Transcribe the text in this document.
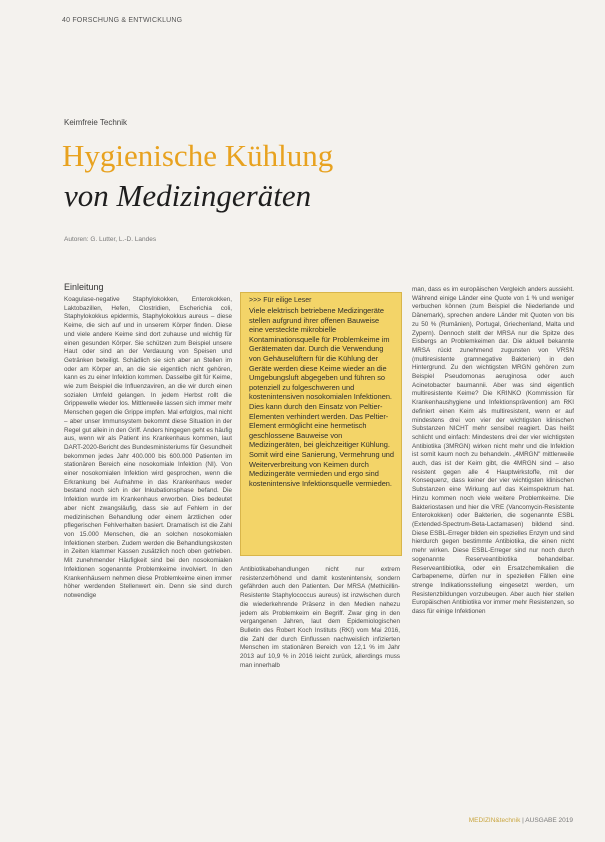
40 FORSCHUNG & ENTWICKLUNG
Keimfreie Technik
Hygienische Kühlung
von Medizingeräten
Autoren: G. Lutter, L.-D. Landes
Einleitung

Koagulase-negative Staphylokokken, Enterokokken, Laktobazillen, Hefen, Clostridien, Escherichia coli, Staphylokokkus epidermis, Staphylokokkus aureus – diese Keime, die sich auf und in unserem Körper finden. Diese und viele andere Keime sind dort zuhause und wichtig für einen gesunden Körper. Sie schützen zum Beispiel unsere Haut oder sind an der Verdauung von Speisen und Getränken beteiligt. Schädlich sie sich aber an Stellen im oder am Körper an, an die sie eigentlich nicht gehören, kann es zu einer Infektion kommen. Dasselbe gilt für Keime, wie zum Beispiel die Influenzaviren, an die wir durch einen sozialen Umfeld gelangen. In jedem Herbst rollt die Grippewelle wieder los. Mittlerweile lassen sich immer mehr Menschen gegen die Grippe impfen. Mal erfolglos, mal nicht – aber unser Immunsystem bekommt diese Situation in der Regel gut allein in den Griff. Anders hingegen geht es häufig aus, wenn wir als Patient ins Krankenhaus kommen, laut DART-2020-Bericht des Bundesministeriums für Gesundheit bekommen jedes Jahr 400.000 bis 600.000 Patienten im stationären Bereich eine nosokomiale Infektion (NI). Von einer nosokomialen Infektion wird gesprochen, wenn die Erkrankung bei Aufnahme in das Krankenhaus weder bestand noch sich in der Inkubationsphase befand. Die Infektion wurde im Krankenhaus erworben. Dies bedeutet aber nicht zwangsläufig, dass sie auf Fehlern in der medizinischen Behandlung oder einem ärztlichen oder pflegerischen Fehlverhalten basiert. Dramatisch ist die Zahl von 15.000 Menschen, die an solchen nosokomialen Infektionen sterben. Zudem werden die Behandlungskosten in Zeiten klammer Kassen zusätzlich noch oben getrieben. Mit zunehmender Häufigkeit sind bei den nosokomialen Infektionen sogenannte Problemkeime involviert. In den Krankenhäusern nehmen diese Problemkeime einen immer höher werdenden Stellenwert ein. Denn sie sind durch notwendige

>>> Für eilige Leser
Viele elektrisch betriebene Medizingeräte stellen aufgrund ihrer offenen Bauweise eine versteckte mikrobielle Kontaminationsquelle für Problemkeime im Gerätematen dar. Durch die Verwendung von Gehäuselüftern für die Kühlung der Geräte werden diese Keime wieder an die Umgebungsluft abgegeben und führen so potenziell zu folgeschweren und kostenintensiven nosokomialen Infektionen. Dies kann durch den Einsatz von Peltier-Elementen verhindert werden. Das Peltier-Element ermöglicht eine hermetisch geschlossene Bauweise von Medizingeräten, bei gleichzeitiger Kühlung. Somit wird eine Sanierung, Vermehrung und Weiterverbreitung von Keimen durch Medizingeräte vermieden und ergo sind kostenintensive Infektionsquelle vermieden.

Antibiotikabehandlungen nicht nur extrem resistenzerhöhend und damit kostenintensiv, sondern gefährden auch den Patienten. Der MRSA (Methicillin-Resistente Staphylococcus aureus) ist inzwischen durch die wiederkehrende Präsenz in den Medien nahezu jedem als Problemkeim ein Begriff. Zwar ging in den vergangenen Jahren, laut dem Epidemiologischen Bulletin des Robert Koch Instituts (RKI) vom Mai 2016, die Zahl der durch Einflussen nachweislich infizierten Menschen im stationären Bereich von 12,1 % im Jahr 2013 auf 10,9 % in 2016 leicht zurück, allerdings muss man innerhalb

man, dass es im europäischen Vergleich anders aussieht. Während einige Länder eine Quote von 1 % und weniger verbuchen können (zum Beispiel die Niederlande und Dänemark), sprechen andere Länder mit Quoten von bis zu 50 % (Rumänien), Portugal, Griechenland, Malta und Zypern). Dennoch stellt der MRSA nur die Spitze des Eisbergs an Problemkeimen dar. Die aktuell bekannte MRSA rückt zunehmend zugunsten von VRSN (multiresistente gramnegative Bakterien) in den Hintergrund. Zu den wichtigsten MRGN gehören zum Beispiel Pseudomonas aeruginosa oder auch Acinetobacter baumannii. Aber was sind eigentlich multiresistente Keime? Die KRINKO (Kommission für Krankenhaushygiene und Infektionsprävention) am RKI definiert einen Keim als multiresistent, wenn er auf mindestens drei von vier der wichtigsten klinischen Substanzen NICHT mehr sensibel reagiert. Das heißt schlicht und einfach: Mindestens drei der vier wichtigsten Antibiotika (3MRGN) wirken nicht mehr und die Infektion ist somit kaum noch zu behandeln. „4MRGN" mittlerweile auch, das ist der Keim gibt, die 4MRGN sind – also resistent gegen alle 4 Hauptwirkstoffe, mit der Konsequenz, dass keiner der vier wichtigsten klinischen Substanzen eine Wirkung auf das Keimspektrum hat. Hinzu kommen noch viele weitere Problemkeime. Die Bakteriostasen und hier die VRE (Vancomycin-Resistente Enterokokken) oder Bakterien, die sogenannte ESBL (Extended-Spectrum-Beta-Lactamasen) bildend sind. Diese ESBL-Erreger bilden ein spezielles Enzym und sind hierdurch gegen bestimmte Antibiotika, die einen nicht mehr wirken. Diese ESBL-Erreger sind nur noch durch sogenannte Reserveantibiotika behandelbar. Reserveantibiotika, oder ein Ersatzchemikalien die Carbapeneme, dürfen nur in speziellen Fällen eine strenge Indikationsstellung eingesetzt werden, um Resistenzbildungen vorzubeugen. Aber auch hier stellen Europäischen Antibiotika vor immer mehr Resistenzen, so dass für einige Infektionen

MEDIZIN&technik | AUSGABE 2019
